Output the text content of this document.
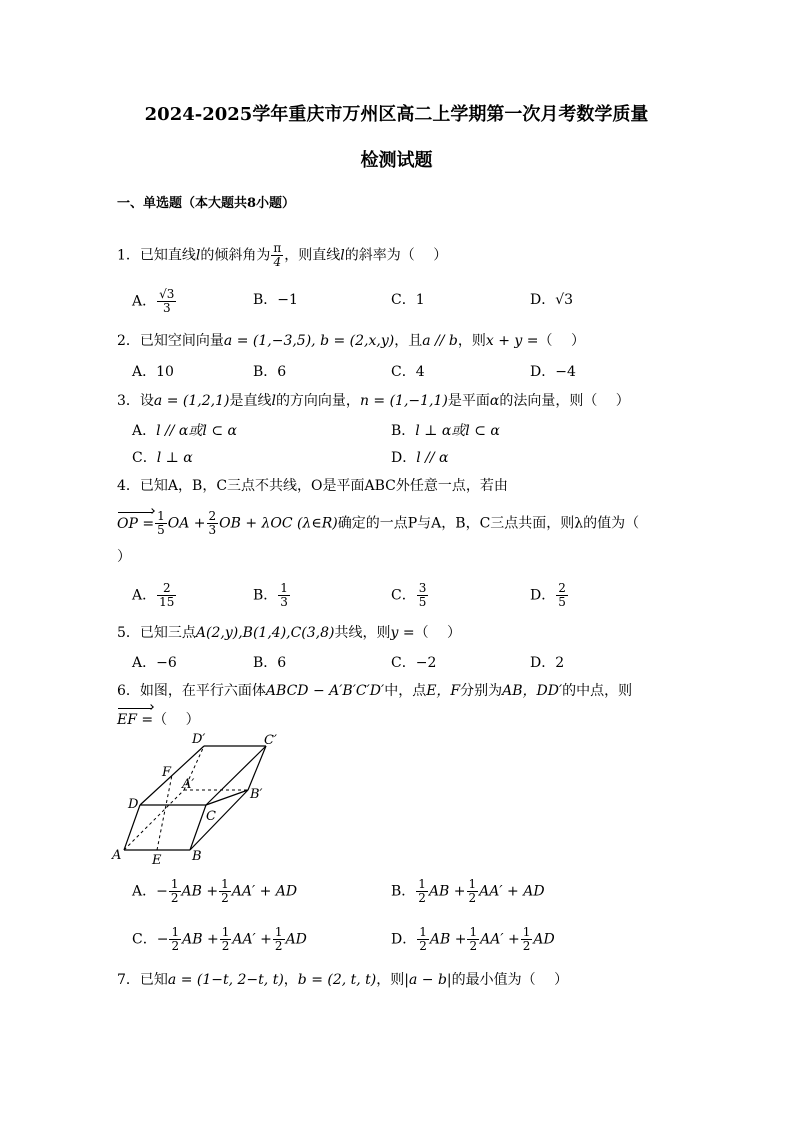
2024-2025学年重庆市万州区高二上学期第一次月考数学质量
检测试题
一、单选题（本大题共8小题）
1．已知直线l的倾斜角为 $\frac{\pi}{4}$ ，则直线l的斜率为（　 ）
A． $\frac{√3}{3}$	B．−1	C．1	D．√3
2．已知空间向量a = (1,−3,5), b = (2,x,y)，且a // b，则x + y =（　 ）
A．10	B．6	C．4	D．−4
3．设a = (1,2,1)是直线l的方向向量，n = (1,−1,1)是平面α的法向量，则（　 ）
A．l // α或l ⊂ α	B．l ⊥ α或l ⊂ α
C．l ⊥ α	D．l // α
4．已知A，B，C三点不共线，O是平面ABC外任意一点，若由
OP = $\frac{1}{5}$ OA + $\frac{2}{3}$ OB + λOC (λ∈R)确定的一点P与A，B，C三点共面，则λ的值为（
）
A． $\frac{2}{15}$	B． $\frac{1}{3}$	C． $\frac{3}{5}$	D． $\frac{2}{5}$
5．已知三点A(2,y),B(1,4),C(3,8)共线，则y =（　 ）
A．−6	B．6	C．−2	D．2
6．如图，在平行六面体ABCD − A′B′C′D′中，点E，F分别为AB，DD′的中点，则
EF =（　 ）
A	B
C
D
A′
B′
C′
D′
E
F
A．− $\frac{1}{2}$ AB + $\frac{1}{2} AA'$ + AD	B． $\frac{1}{2}$ AB + $\frac{1}{2} AA'$ + AD
C．− $\frac{1}{2}$ AB + $\frac{1}{2} AA' + \frac{1}{2}$ AD	D． $\frac{1}{2}$ AB + $\frac{1}{2} AA' + \frac{1}{2}$ AD
7．已知a = (1−t, 2−t, t)，b = (2, t, t)，则|a − b|的最小值为（　 ）
